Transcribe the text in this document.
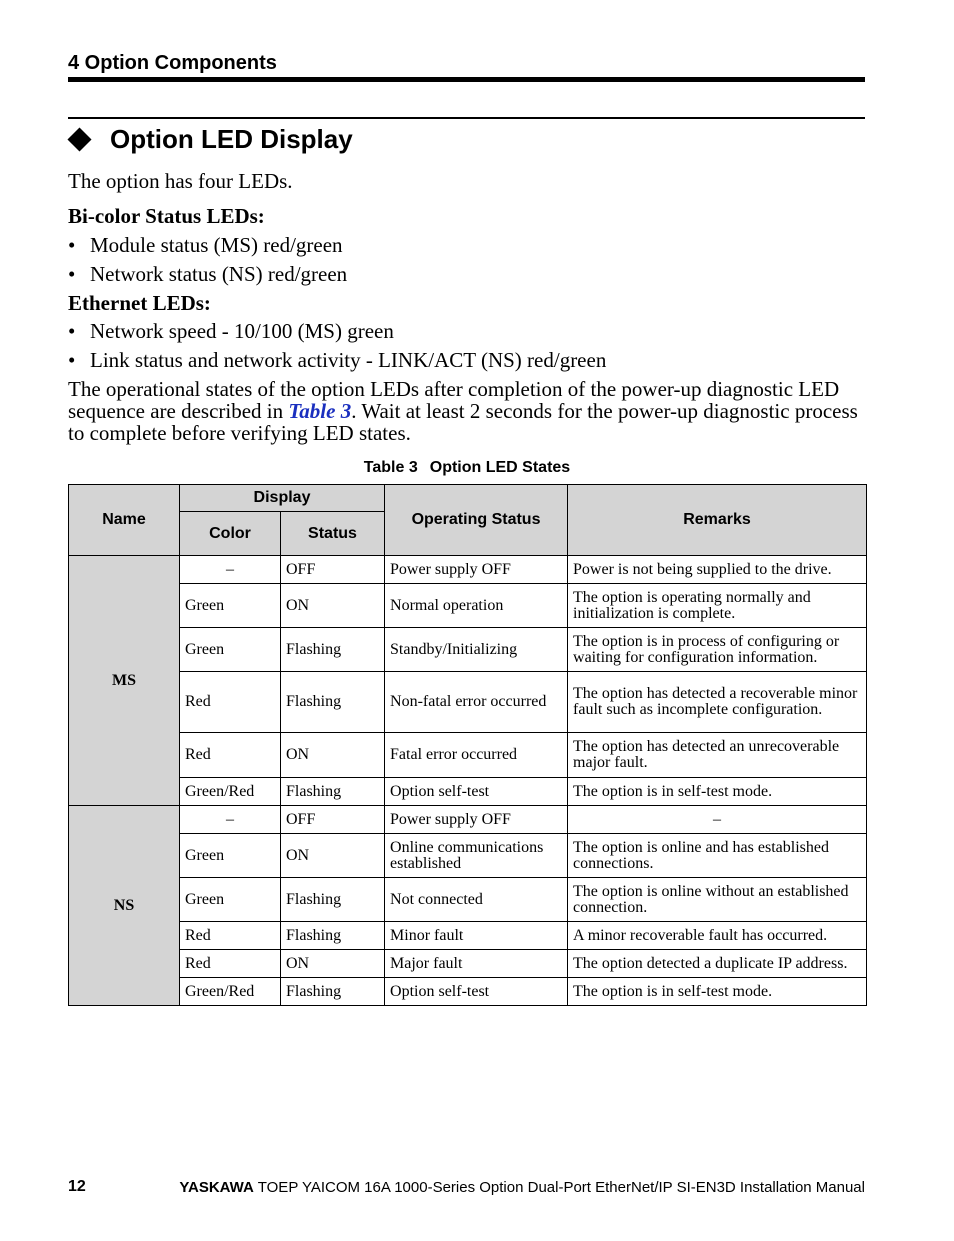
4 Option Components
Option LED Display
The option has four LEDs.
Bi-color Status LEDs:
• Module status (MS) red/green
• Network status (NS) red/green
Ethernet LEDs:
• Network speed - 10/100 (MS) green
• Link status and network activity - LINK/ACT (NS) red/green
The operational states of the option LEDs after completion of the power-up diagnostic LED sequence are described in Table 3. Wait at least 2 seconds for the power-up diagnostic process to complete before verifying LED states.
Table 3 Option LED States
Name	Display		Operating Status	Remarks
	Color	Status		
MS	–	OFF	Power supply OFF	Power is not being supplied to the drive.
	Green	ON	Normal operation	The option is operating normally and initialization is complete.
	Green	Flashing	Standby/Initializing	The option is in process of configuring or waiting for configuration information.
	Red	Flashing	Non-fatal error occurred	The option has detected a recoverable minor fault such as incomplete configuration.
	Red	ON	Fatal error occurred	The option has detected an unrecoverable major fault.
	Green/Red	Flashing	Option self-test	The option is in self-test mode.
NS	–	OFF	Power supply OFF	–
	Green	ON	Online communications established	The option is online and has established connections.
	Green	Flashing	Not connected	The option is online without an established connection.
	Red	Flashing	Minor fault	A minor recoverable fault has occurred.
	Red	ON	Major fault	The option detected a duplicate IP address.
	Green/Red	Flashing	Option self-test	The option is in self-test mode.
12	YASKAWA TOEP YAICOM 16A 1000-Series Option Dual-Port EtherNet/IP SI-EN3D Installation Manual
